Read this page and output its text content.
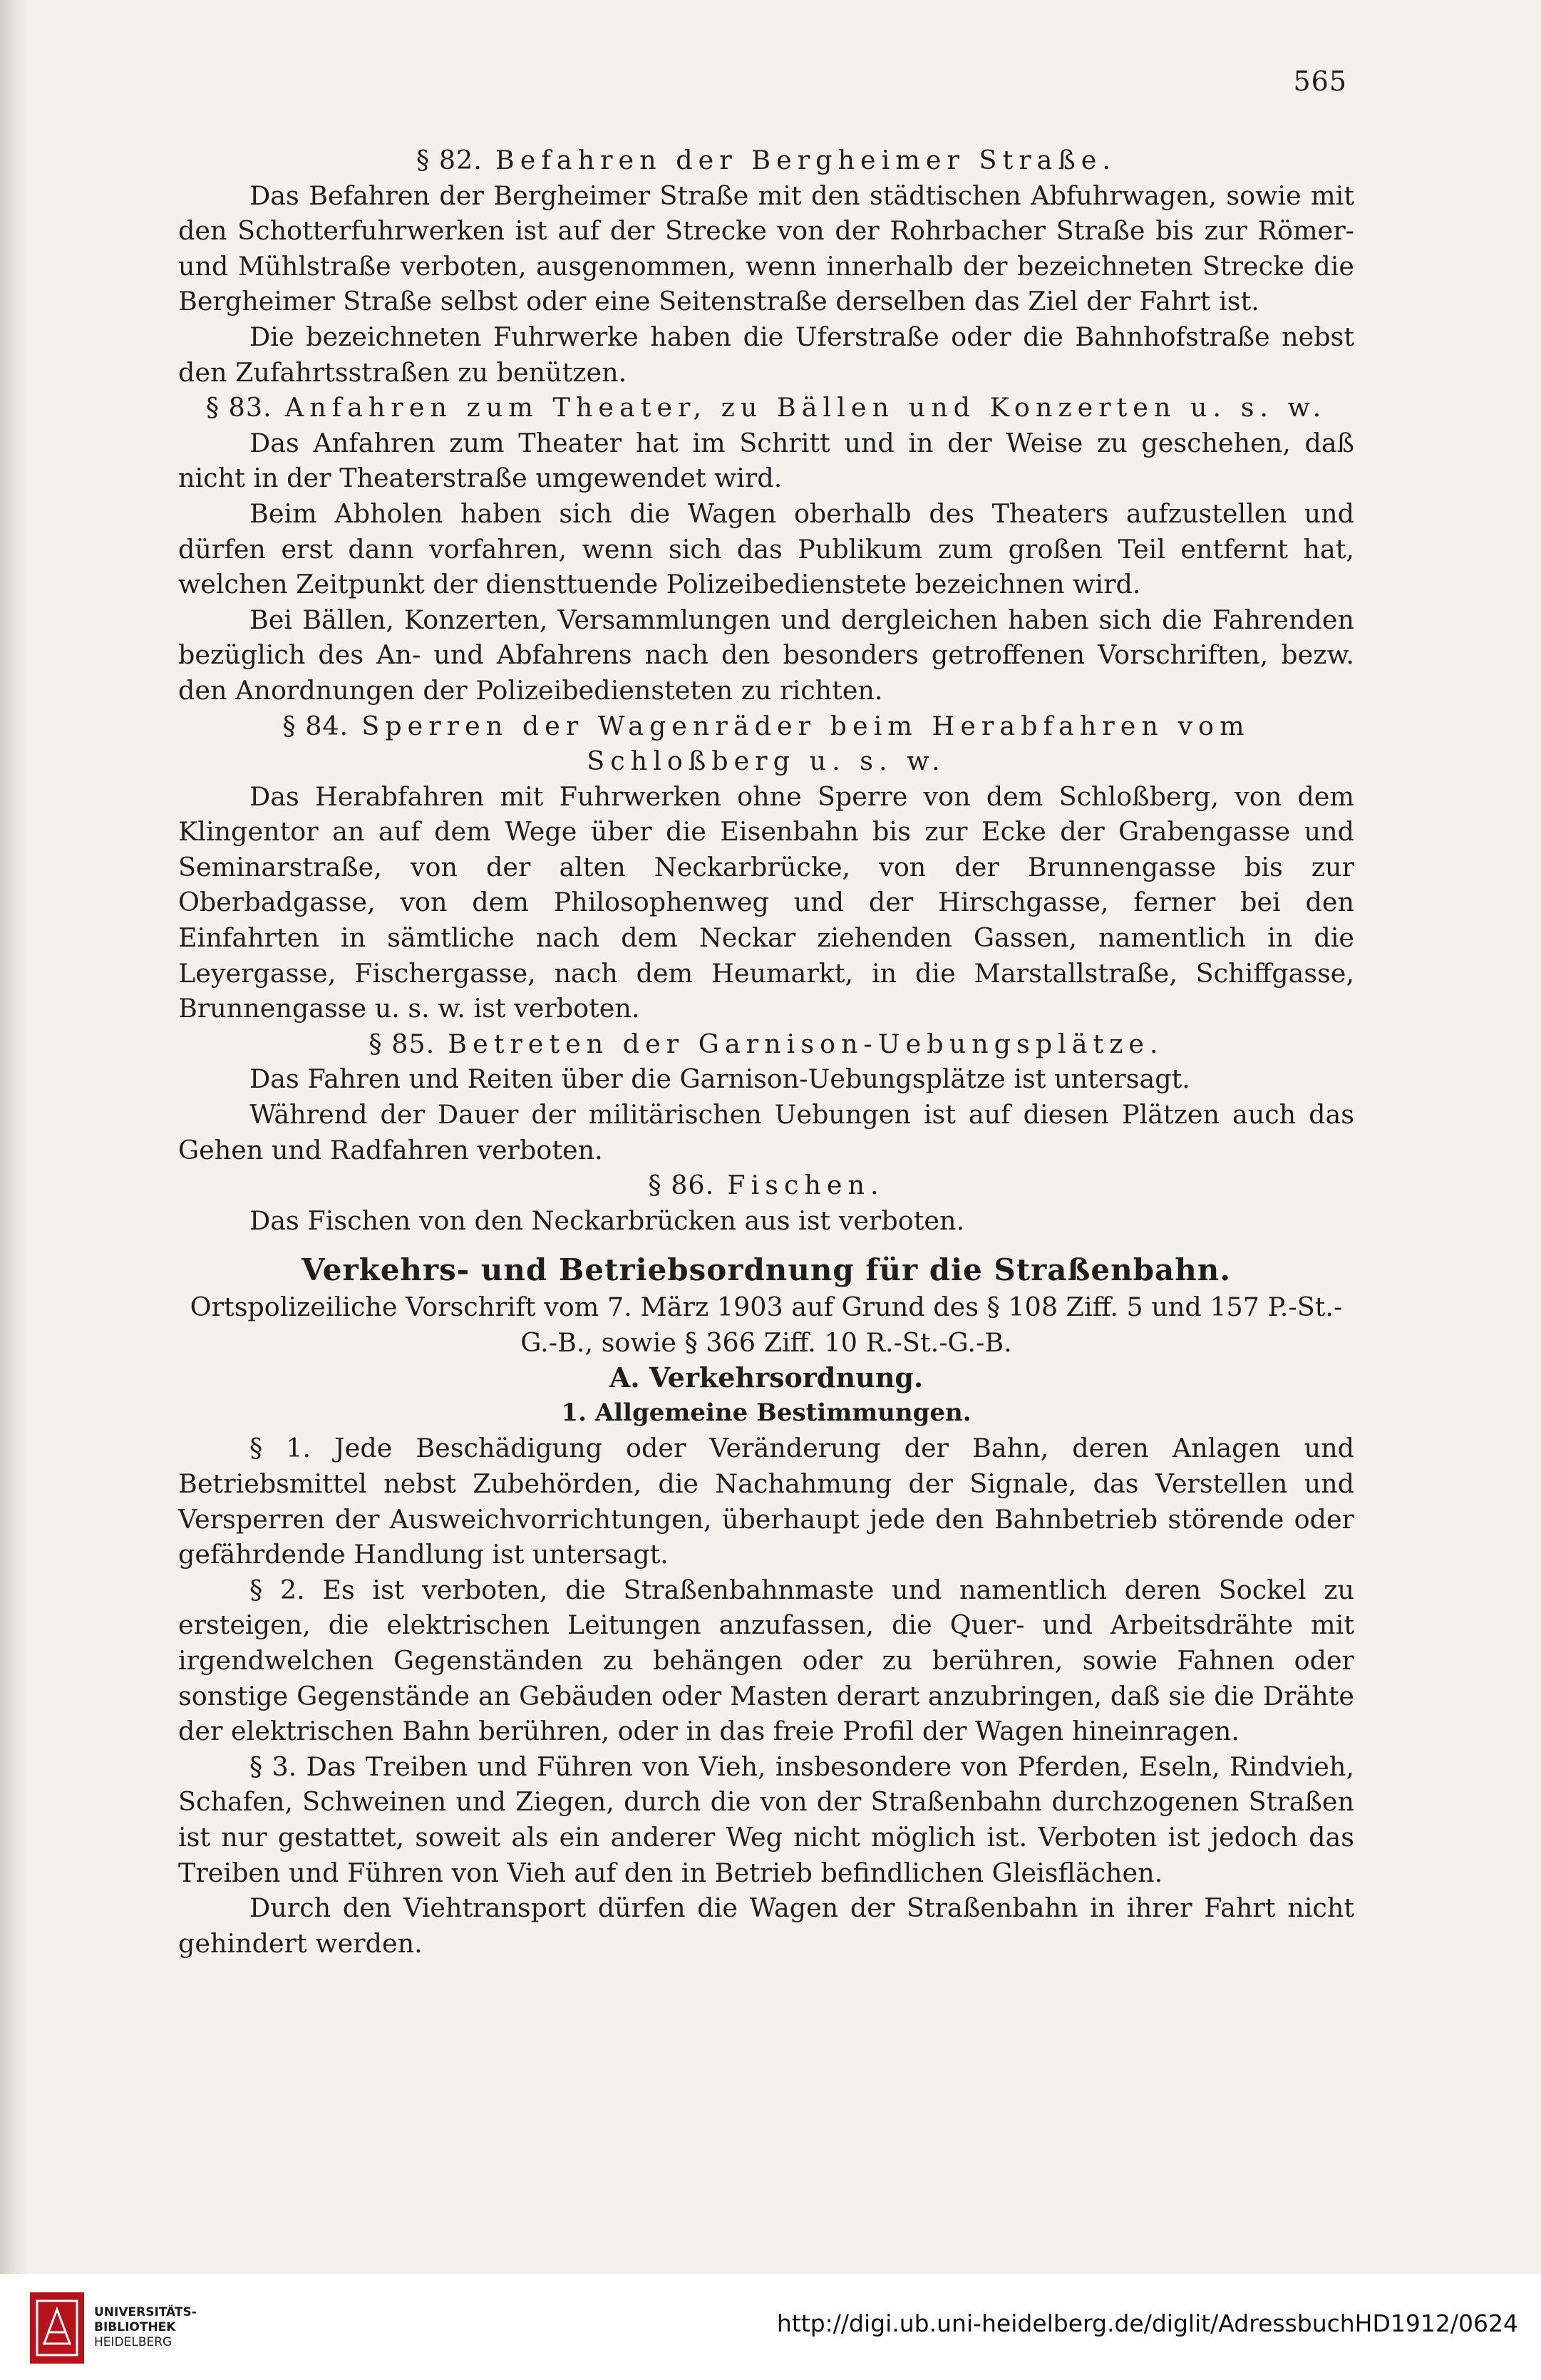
565

§ 82. Befahren der Bergheimer Straße.

Das Befahren der Bergheimer Straße mit den städtischen Abfuhrwagen, sowie mit den Schotterfuhrwerken ist auf der Strecke von der Rohrbacher Straße bis zur Römer- und Mühlstraße verboten, ausgenommen, wenn innerhalb der bezeichneten Strecke die Bergheimer Straße selbst oder eine Seitenstraße derselben das Ziel der Fahrt ist.

Die bezeichneten Fuhrwerke haben die Uferstraße oder die Bahnhofstraße nebst den Zufahrtsstraßen zu benützen.

§ 83. Anfahren zum Theater, zu Bällen und Konzerten u. s. w.

Das Anfahren zum Theater hat im Schritt und in der Weise zu geschehen, daß nicht in der Theaterstraße umgewendet wird.

Beim Abholen haben sich die Wagen oberhalb des Theaters aufzustellen und dürfen erst dann vorfahren, wenn sich das Publikum zum großen Teil entfernt hat, welchen Zeitpunkt der diensttuende Polizeibedienstete bezeichnen wird.

Bei Bällen, Konzerten, Versammlungen und dergleichen haben sich die Fahrenden bezüglich des An- und Abfahrens nach den besonders getroffenen Vorschriften, bezw. den Anordnungen der Polizeibediensteten zu richten.

§ 84. Sperren der Wagenräder beim Herabfahren vom Schloßberg u. s. w.

Das Herabfahren mit Fuhrwerken ohne Sperre von dem Schloßberg, von dem Klingentor an auf dem Wege über die Eisenbahn bis zur Ecke der Grabengasse und Seminarstraße, von der alten Neckarbrücke, von der Brunnengasse bis zur Oberbadgasse, von dem Philosophenweg und der Hirschgasse, ferner bei den Einfahrten in sämtliche nach dem Neckar ziehenden Gassen, namentlich in die Leyergasse, Fischergasse, nach dem Heumarkt, in die Marstallstraße, Schiffgasse, Brunnengasse u. s. w. ist verboten.

§ 85. Betreten der Garnison-Uebungsplätze.

Das Fahren und Reiten über die Garnison-Uebungsplätze ist untersagt.

Während der Dauer der militärischen Uebungen ist auf diesen Plätzen auch das Gehen und Radfahren verboten.

§ 86. Fischen.

Das Fischen von den Neckarbrücken aus ist verboten.

Verkehrs- und Betriebsordnung für die Straßenbahn.

Ortspolizeiliche Vorschrift vom 7. März 1903 auf Grund des § 108 Ziff. 5 und 157 P.-St.-G.-B., sowie § 366 Ziff. 10 R.-St.-G.-B.

A. Verkehrsordnung.

1. Allgemeine Bestimmungen.

§ 1. Jede Beschädigung oder Veränderung der Bahn, deren Anlagen und Betriebsmittel nebst Zubehörden, die Nachahmung der Signale, das Verstellen und Versperren der Ausweichvorrichtungen, überhaupt jede den Bahnbetrieb störende oder gefährdende Handlung ist untersagt.

§ 2. Es ist verboten, die Straßenbahnmaste und namentlich deren Sockel zu ersteigen, die elektrischen Leitungen anzufassen, die Quer- und Arbeitsdrähte mit irgendwelchen Gegenständen zu behängen oder zu berühren, sowie Fahnen oder sonstige Gegenstände an Gebäuden oder Masten derart anzubringen, daß sie die Drähte der elektrischen Bahn berühren, oder in das freie Profil der Wagen hineinragen.

§ 3. Das Treiben und Führen von Vieh, insbesondere von Pferden, Eseln, Rindvieh, Schafen, Schweinen und Ziegen, durch die von der Straßenbahn durchzogenen Straßen ist nur gestattet, soweit als ein anderer Weg nicht möglich ist. Verboten ist jedoch das Treiben und Führen von Vieh auf den in Betrieb befindlichen Gleisflächen.

Durch den Viehtransport dürfen die Wagen der Straßenbahn in ihrer Fahrt nicht gehindert werden.

UNIVERSITÄTS-
BIBLIOTHEK
HEIDELBERG
http://digi.ub.uni-heidelberg.de/diglit/AdressbuchHD1912/0624
